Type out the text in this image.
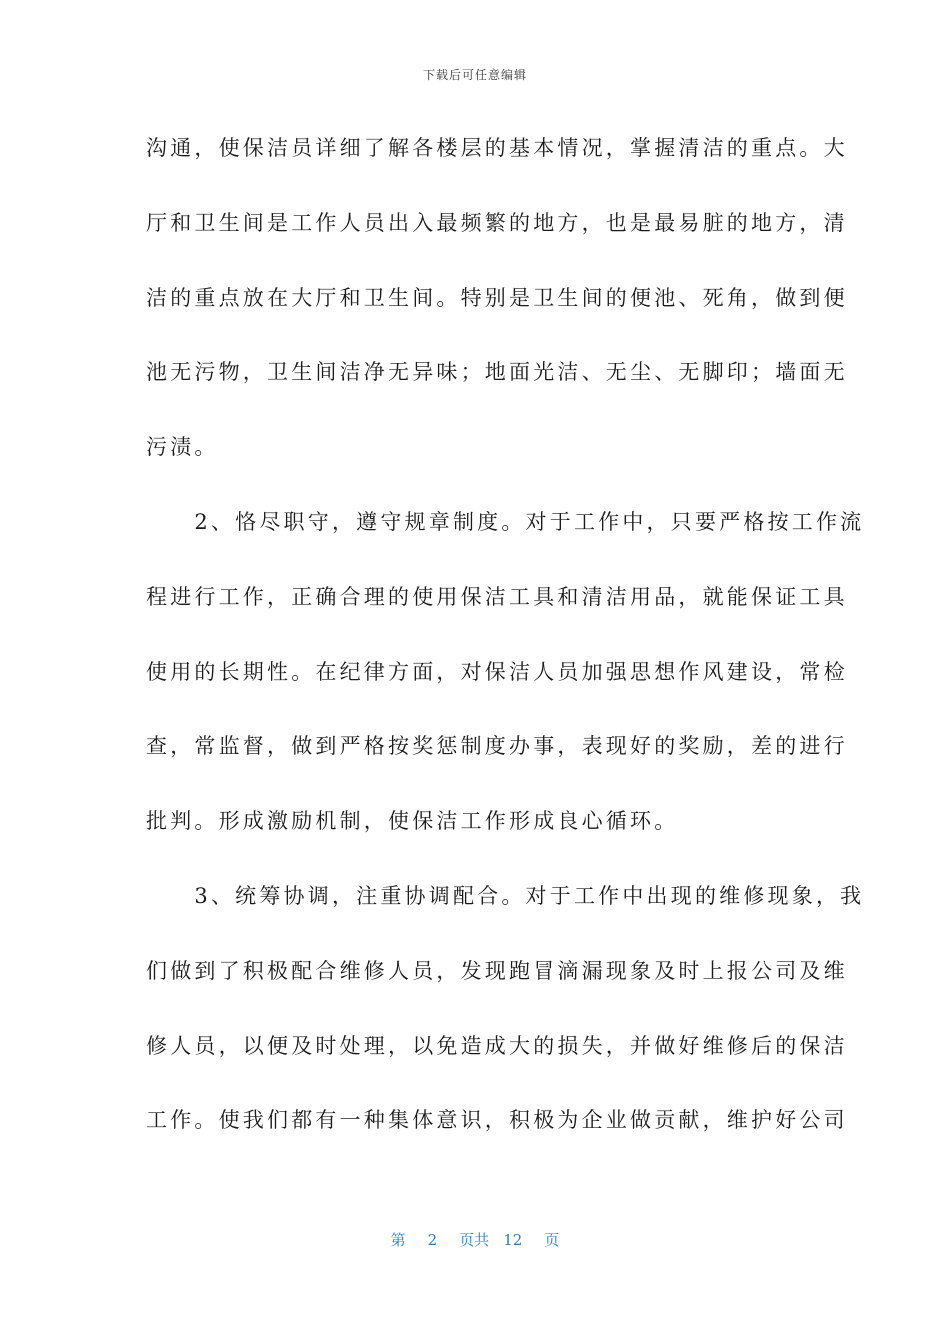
下载后可任意编辑
沟通，使保洁员详细了解各楼层的基本情况，掌握清洁的重点。大
厅和卫生间是工作人员出入最频繁的地方，也是最易脏的地方，清
洁的重点放在大厅和卫生间。特别是卫生间的便池、死角，做到便
池无污物，卫生间洁净无异味；地面光洁、无尘、无脚印；墙面无
污渍。
　　2、恪尽职守，遵守规章制度。对于工作中，只要严格按工作流
程进行工作，正确合理的使用保洁工具和清洁用品，就能保证工具
使用的长期性。在纪律方面，对保洁人员加强思想作风建设，常检
查，常监督，做到严格按奖惩制度办事，表现好的奖励，差的进行
批判。形成激励机制，使保洁工作形成良心循环。
　　3、统筹协调，注重协调配合。对于工作中出现的维修现象，我
们做到了积极配合维修人员，发现跑冒滴漏现象及时上报公司及维
修人员，以便及时处理，以免造成大的损失，并做好维修后的保洁
工作。使我们都有一种集体意识，积极为企业做贡献，维护好公司
第 2 页共 12 页
